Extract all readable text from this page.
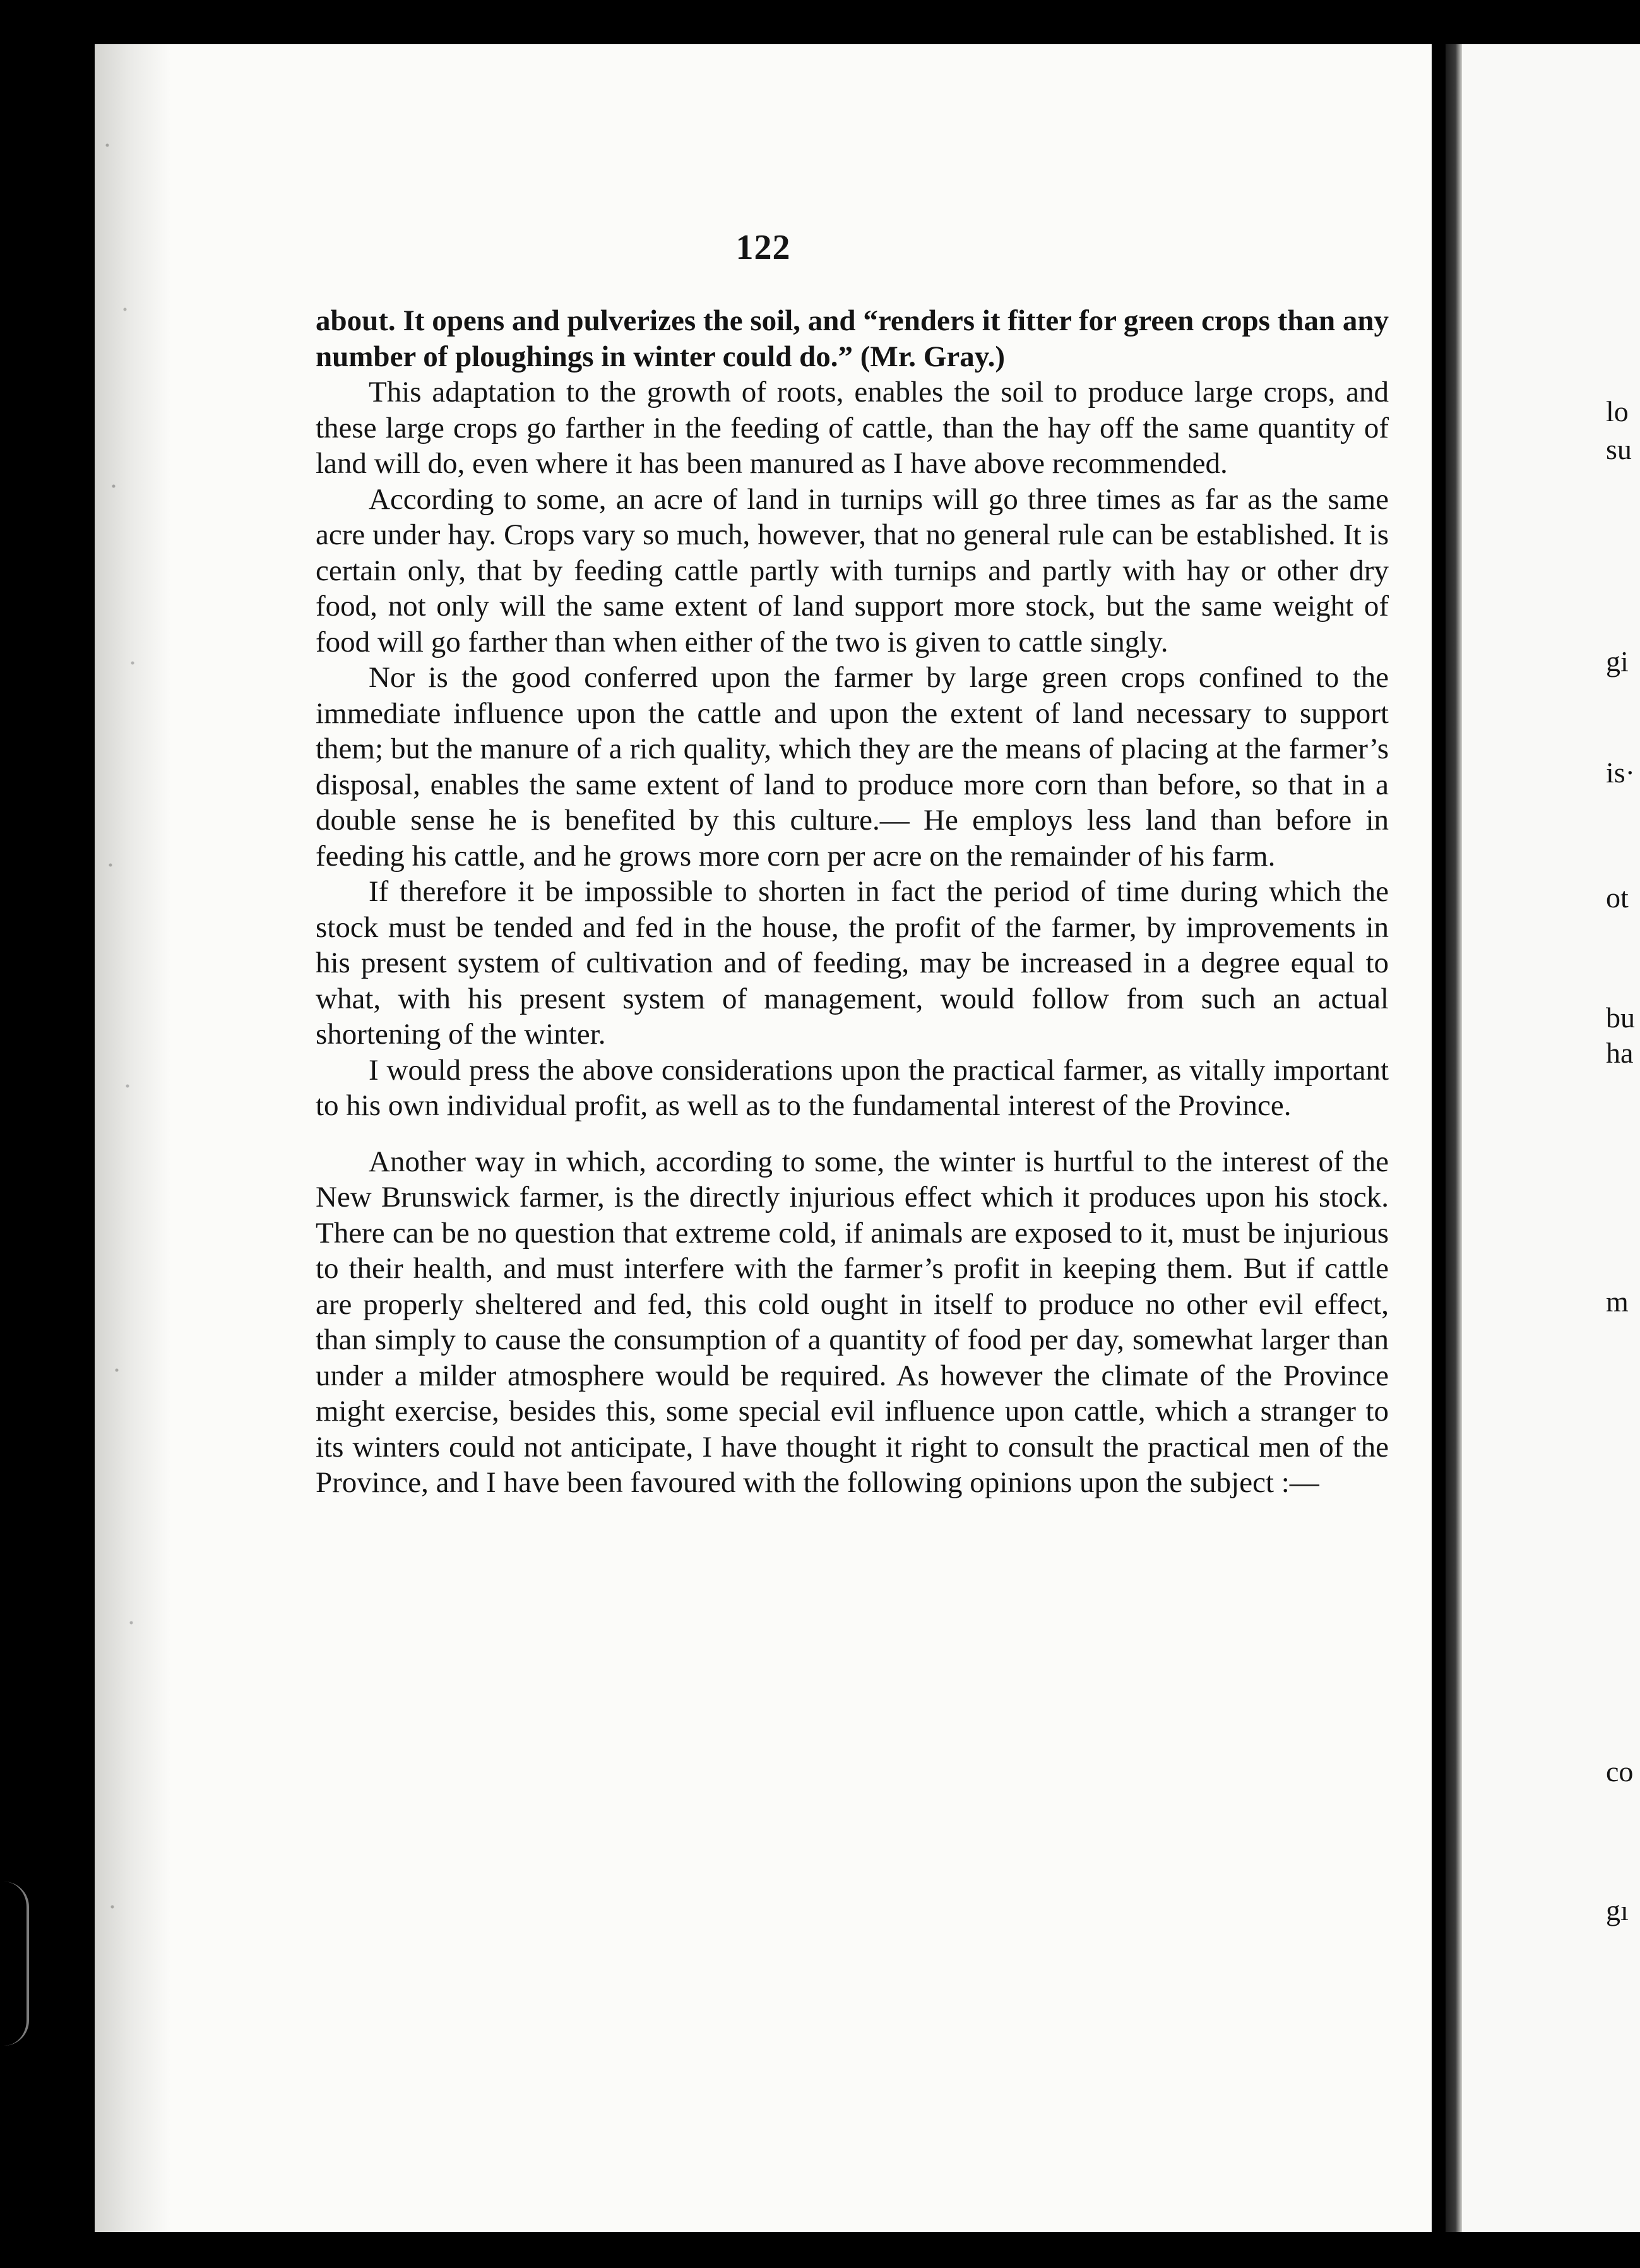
122

about. It opens and pulverizes the soil, and “renders it fitter for green crops than any number of ploughings in winter could do.” (Mr. Gray.)

This adaptation to the growth of roots, enables the soil to produce large crops, and these large crops go farther in the feeding of cattle, than the hay off the same quantity of land will do, even where it has been manured as I have above recommended.

According to some, an acre of land in turnips will go three times as far as the same acre under hay. Crops vary so much, however, that no general rule can be established. It is certain only, that by feeding cattle partly with turnips and partly with hay or other dry food, not only will the same extent of land support more stock, but the same weight of food will go farther than when either of the two is given to cattle singly.

Nor is the good conferred upon the farmer by large green crops confined to the immediate influence upon the cattle and upon the extent of land necessary to support them; but the manure of a rich quality, which they are the means of placing at the farmer’s disposal, enables the same extent of land to produce more corn than before, so that in a double sense he is benefited by this culture.— He employs less land than before in feeding his cattle, and he grows more corn per acre on the remainder of his farm.

If therefore it be impossible to shorten in fact the period of time during which the stock must be tended and fed in the house, the profit of the farmer, by improvements in his present system of cultivation and of feeding, may be increased in a degree equal to what, with his present system of management, would follow from such an actual shortening of the winter.

I would press the above considerations upon the practical farmer, as vitally important to his own individual profit, as well as to the fundamental interest of the Province.

Another way in which, according to some, the winter is hurtful to the interest of the New Brunswick farmer, is the directly injurious effect which it produces upon his stock. There can be no question that extreme cold, if animals are exposed to it, must be injurious to their health, and must interfere with the farmer’s profit in keeping them. But if cattle are properly sheltered and fed, this cold ought in itself to produce no other evil effect, than simply to cause the consumption of a quantity of food per day, somewhat larger than under a milder atmosphere would be required. As however the climate of the Province might exercise, besides this, some special evil influence upon cattle, which a stranger to its winters could not anticipate, I have thought it right to consult the practical men of the Province, and I have been favoured with the following opinions upon the subject :—

lo
su
gi
is·
ot
bu
ha
m
co
gı
